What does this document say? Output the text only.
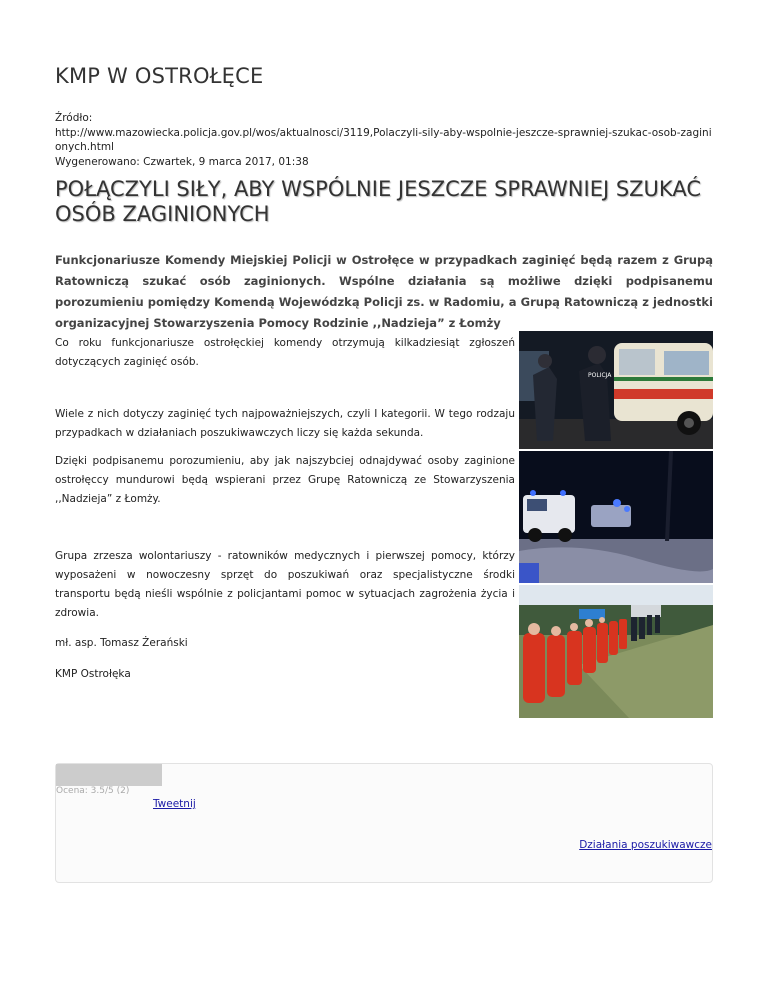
KMP W OSTROŁĘCE
Źródło:
http://www.mazowiecka.policja.gov.pl/wos/aktualnosci/3119,Polaczyli-sily-aby-wspolnie-jeszcze-sprawniej-szukac-osob-zaginionych.html
Wygenerowano: Czwartek, 9 marca 2017, 01:38
POŁĄCZYLI SIŁY, ABY WSPÓLNIE JESZCZE SPRAWNIEJ SZUKAĆ OSÓB ZAGINIONYCH

Funkcjonariusze Komendy Miejskiej Policji w Ostrołęce w przypadkach zaginięć będą razem z Grupą Ratowniczą szukać osób zaginionych. Wspólne działania są możliwe dzięki podpisanemu porozumieniu pomiędzy Komendą Wojewódzką Policji zs. w Radomiu, a Grupą Ratowniczą z jednostki organizacyjnej Stowarzyszenia Pomocy Rodzinie ,,Nadzieja” z Łomży

Co roku funkcjonariusze ostrołęckiej komendy otrzymują kilkadziesiąt zgłoszeń dotyczących zaginięć osób.

Wiele z nich dotyczy zaginięć tych najpoważniejszych, czyli I kategorii. W tego rodzaju przypadkach w działaniach poszukiwawczych liczy się każda sekunda.

Dzięki podpisanemu porozumieniu, aby jak najszybciej odnajdywać osoby zaginione ostrołęccy mundurowi będą wspierani przez Grupę Ratowniczą ze Stowarzyszenia ,,Nadzieja” z Łomży.

Grupa zrzesza wolontariuszy - ratowników medycznych i pierwszej pomocy, którzy wyposażeni w nowoczesny sprzęt do poszukiwań oraz specjalistyczne środki transportu będą nieśli wspólnie z policjantami pomoc w sytuacjach zagrożenia życia i zdrowia.

mł. asp. Tomasz Żerański

KMP Ostrołęka

POLICJA
Ocena: 3.5/5 (2)
Tweetnij
Działania poszukiwawcze
